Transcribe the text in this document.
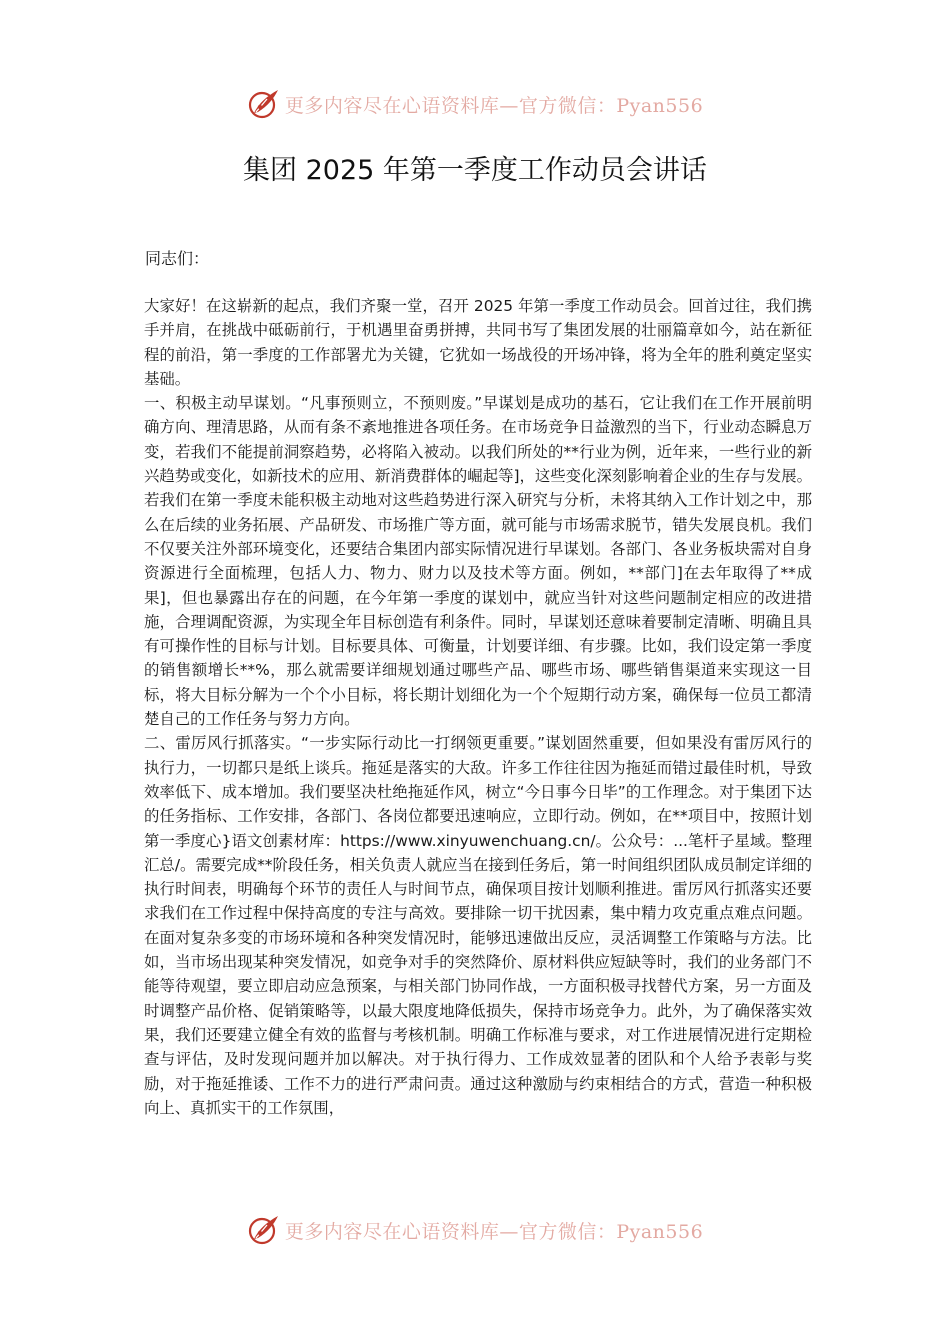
更多内容尽在心语资料库—官方微信：Pyan556
集团 2025 年第一季度工作动员会讲话

同志们：

大家好！在这崭新的起点，我们齐聚一堂，召开 2025 年第一季度工作动员会。回首过往，我们携手并肩，在挑战中砥砺前行，于机遇里奋勇拼搏，共同书写了集团发展的壮丽篇章如今，站在新征程的前沿，第一季度的工作部署尤为关键，它犹如一场战役的开场冲锋，将为全年的胜利奠定坚实基础。

一、积极主动早谋划。“凡事预则立，不预则废。”早谋划是成功的基石，它让我们在工作开展前明确方向、理清思路，从而有条不紊地推进各项任务。在市场竞争日益激烈的当下，行业动态瞬息万变，若我们不能提前洞察趋势，必将陷入被动。以我们所处的**行业为例，近年来，一些行业的新兴趋势或变化，如新技术的应用、新消费群体的崛起等]，这些变化深刻影响着企业的生存与发展。若我们在第一季度未能积极主动地对这些趋势进行深入研究与分析，未将其纳入工作计划之中，那么在后续的业务拓展、产品研发、市场推广等方面，就可能与市场需求脱节，错失发展良机。我们不仅要关注外部环境变化，还要结合集团内部实际情况进行早谋划。各部门、各业务板块需对自身资源进行全面梳理，包括人力、物力、财力以及技术等方面。例如，**部门]在去年取得了**成果]，但也暴露出存在的问题，在今年第一季度的谋划中，就应当针对这些问题制定相应的改进措施，合理调配资源，为实现全年目标创造有利条件。同时，早谋划还意味着要制定清晰、明确且具有可操作性的目标与计划。目标要具体、可衡量，计划要详细、有步骤。比如，我们设定第一季度的销售额增长**%，那么就需要详细规划通过哪些产品、哪些市场、哪些销售渠道来实现这一目标，将大目标分解为一个个小目标，将长期计划细化为一个个短期行动方案，确保每一位员工都清楚自己的工作任务与努力方向。

二、雷厉风行抓落实。“一步实际行动比一打纲领更重要。”谋划固然重要，但如果没有雷厉风行的执行力，一切都只是纸上谈兵。拖延是落实的大敌。许多工作往往因为拖延而错过最佳时机，导致效率低下、成本增加。我们要坚决杜绝拖延作风，树立“今日事今日毕”的工作理念。对于集团下达的任务指标、工作安排，各部门、各岗位都要迅速响应，立即行动。例如，在**项目中，按照计划第一季度心}语文创素材库：https://www.xinyuwenchuang.cn/。公众号：...笔杆子星域。整理汇总/。需要完成**阶段任务，相关负责人就应当在接到任务后，第一时间组织团队成员制定详细的执行时间表，明确每个环节的责任人与时间节点，确保项目按计划顺利推进。雷厉风行抓落实还要求我们在工作过程中保持高度的专注与高效。要排除一切干扰因素，集中精力攻克重点难点问题。在面对复杂多变的市场环境和各种突发情况时，能够迅速做出反应，灵活调整工作策略与方法。比如，当市场出现某种突发情况，如竞争对手的突然降价、原材料供应短缺等时，我们的业务部门不能等待观望，要立即启动应急预案，与相关部门协同作战，一方面积极寻找替代方案，另一方面及时调整产品价格、促销策略等，以最大限度地降低损失，保持市场竞争力。此外，为了确保落实效果，我们还要建立健全有效的监督与考核机制。明确工作标准与要求，对工作进展情况进行定期检查与评估，及时发现问题并加以解决。对于执行得力、工作成效显著的团队和个人给予表彰与奖励，对于拖延推诿、工作不力的进行严肃问责。通过这种激励与约束相结合的方式，营造一种积极向上、真抓实干的工作氛围，

更多内容尽在心语资料库—官方微信：Pyan556
